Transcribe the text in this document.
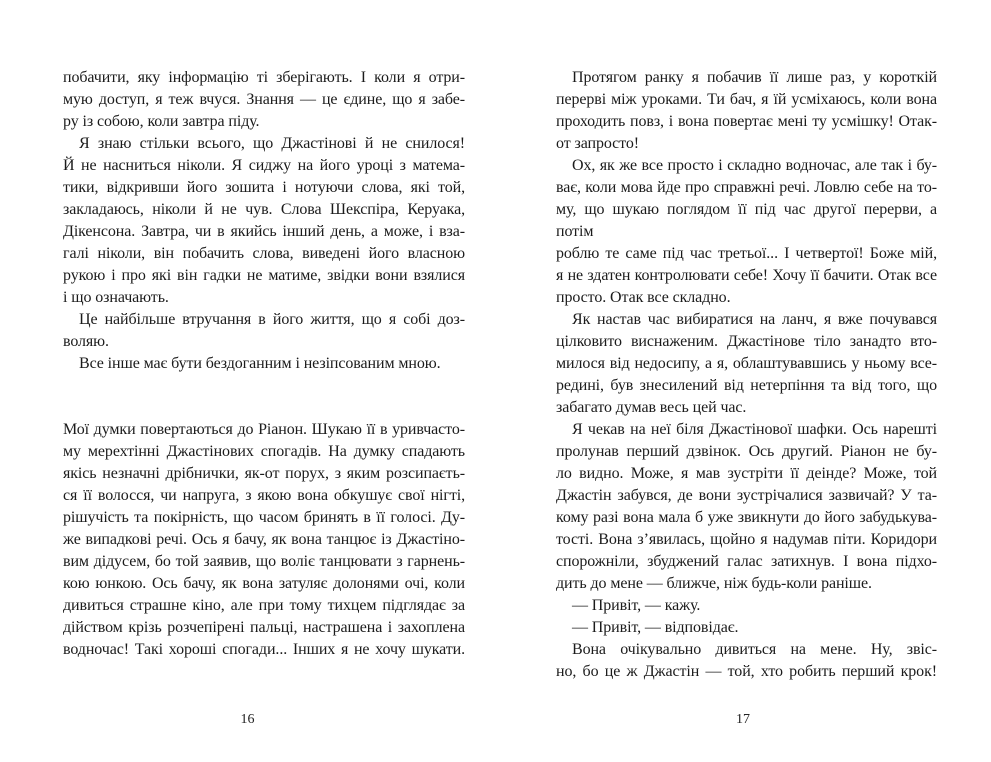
побачити, яку інформацію ті зберігають. І коли я отри-
мую доступ, я теж вчуся. Знання — це єдине, що я забе-
ру із собою, коли завтра піду.
Я знаю стільки всього, що Джастінові й не снилося!
Й не насниться ніколи. Я сиджу на його уроці з матема-
тики, відкривши його зошита і нотуючи слова, які той,
закладаюсь, ніколи й не чув. Слова Шекспіра, Керуака,
Дікенсона. Завтра, чи в якийсь інший день, а може, і вза-
галі ніколи, він побачить слова, виведені його власною
рукою і про які він гадки не матиме, звідки вони взялися
і що означають.
Це найбільше втручання в його життя, що я собі доз-
воляю.
Все інше має бути бездоганним і незіпсованим мною.
Мої думки повертаються до Ріанон. Шукаю її в уривчасто-
му мерехтінні Джастінових спогадів. На думку спадають
якісь незначні дрібнички, як-от порух, з яким розсипаєть-
ся її волосся, чи напруга, з якою вона обкушує свої нігті,
рішучість та покірність, що часом бринять в її голосі. Ду-
же випадкові речі. Ось я бачу, як вона танцює із Джастіно-
вим дідусем, бо той заявив, що воліє танцювати з гарнень-
кою юнкою. Ось бачу, як вона затуляє долонями очі, коли
дивиться страшне кіно, але при тому тихцем підглядає за
дійством крізь розчепірені пальці, настрашена і захоплена
водночас! Такі хороші спогади... Інших я не хочу шукати.
Протягом ранку я побачив її лише раз, у короткій
перерві між уроками. Ти бач, я їй усміхаюсь, коли вона
проходить повз, і вона повертає мені ту усмішку! Отак-
от запросто!
Ох, як же все просто і складно водночас, але так і бу-
ває, коли мова йде про справжні речі. Ловлю себе на то-
му, що шукаю поглядом її під час другої перерви, а потім
роблю те саме під час третьої... І четвертої! Боже мій,
я не здатен контролювати себе! Хочу її бачити. Отак все
просто. Отак все складно.
Як настав час вибиратися на ланч, я вже почувався
цілковито виснаженим. Джастінове тіло занадто вто-
милося від недосипу, а я, облаштувавшись у ньому все-
редині, був знесилений від нетерпіння та від того, що
забагато думав весь цей час.
Я чекав на неї біля Джастінової шафки. Ось нарешті
пролунав перший дзвінок. Ось другий. Ріанон не бу-
ло видно. Може, я мав зустріти її деінде? Може, той
Джастін забувся, де вони зустрічалися зазвичай? У та-
кому разі вона мала б уже звикнути до його забудькува-
тості. Вона з’явилась, щойно я надумав піти. Коридори
спорожніли, збуджений галас затихнув. І вона підхо-
дить до мене — ближче, ніж будь-коли раніше.
— Привіт, — кажу.
— Привіт, — відповідає.
Вона очікувально дивиться на мене. Ну, звіс-
но, бо це ж Джастін — той, хто робить перший крок!
16	17
